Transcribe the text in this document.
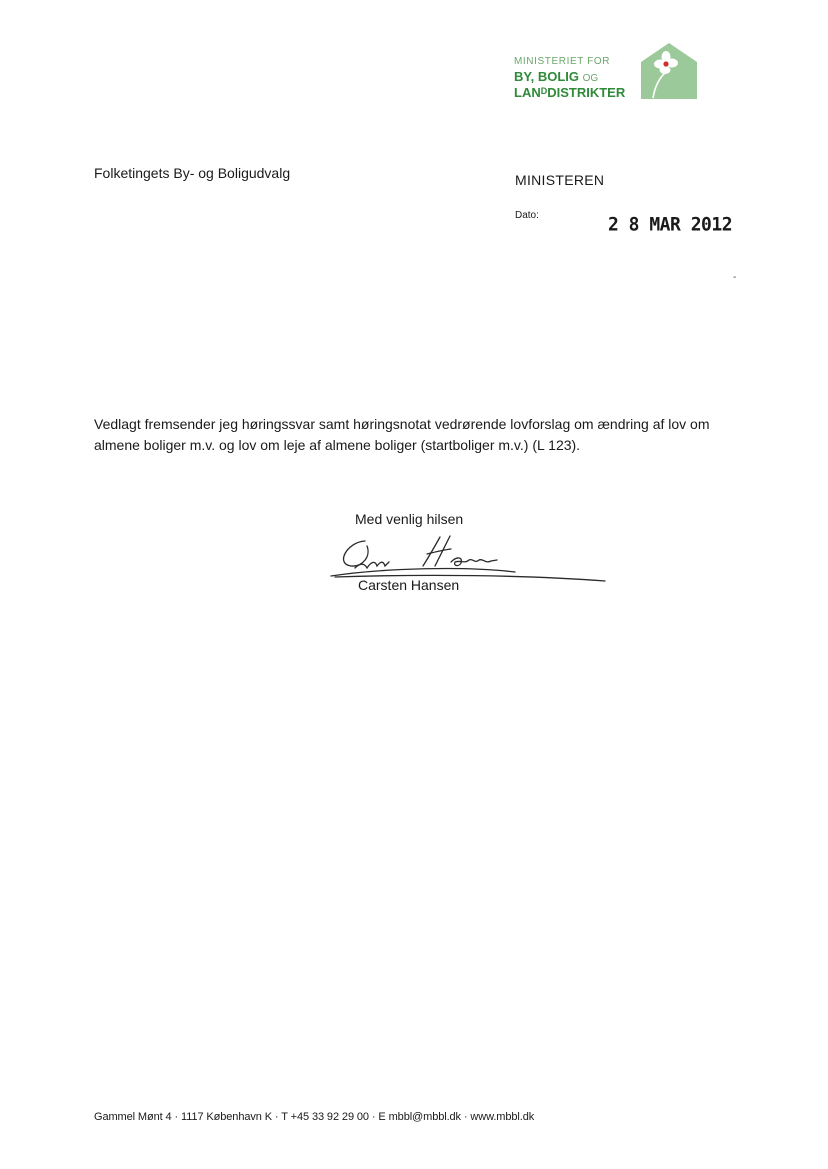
MINISTERIET FOR
BY, BOLIG OG
$LAN^DDISTRIKTER$
Folketingets By- og Boligudvalg	MINISTEREN
Dato:	2 8 MAR 2012
-
Vedlagt fremsender jeg høringssvar samt høringsnotat vedrørende lovforslag om ændring af lov om
almene boliger m.v. og lov om leje af almene boliger (startboliger m.v.) (L 123).
Med venlig hilsen
Carsten Hansen
Gammel Mønt 4 · 1117 København K · T +45 33 92 29 00 · E mbbl@mbbl.dk · www.mbbl.dk
